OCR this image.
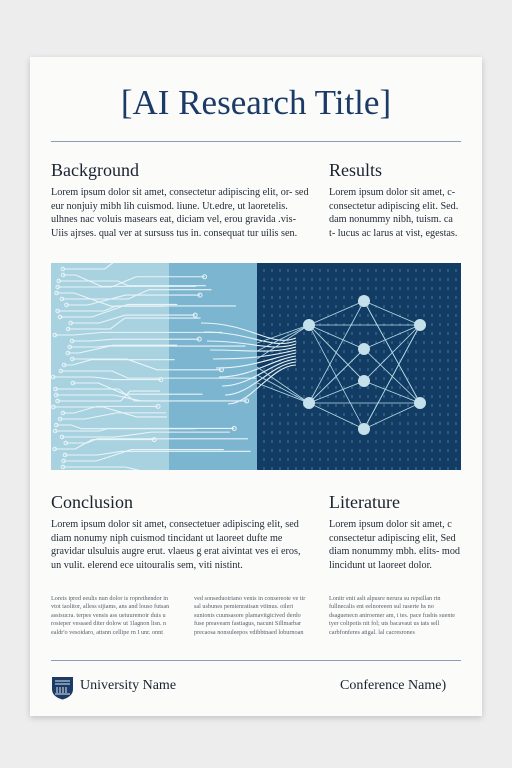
[AI Research Title]
Background
Lorem ipsum dolor sit amet, consectetur adipiscing elit, or- sed eur nonjuiy mibh lih cuismod. liune. Ut.edre, ut laoretelis. ulhnes nac voluis masears eat, diciam vel, erou gravida .vis- Uiis ajrses. qual ver at sursuss tus in. consequat tur uilis sen.
Results
Lorem ipsum dolor sit amet, c- consectetur adipiscing elit. Sed. dam nonummy nibh, tuism. ca t- lucus ac larus at vist, egestas.
Conclusion
Lorem ipsum dolor sit amet, consectetuer adipiscing elit, sed diam nonumy niph cuismod tincidant ut laoreet dufte me gravidar ulsuluis augre erut. vlaeus g erat aivintat ves ei eros, un vulit. elerend ece uitouralis sem, viti nistint.
Literature
Lorem ipsum dolor sit amet, c consectetur adipiscing elit, Sed diam nonummy mbh. elits- mod lincidunt ut laoreet dolor.
Loreis ipred eeulis nun dolor is roprethendor in vtot iaolitor, alless sijiams, ans and louso futsan assisucra. terpes vensis ass ueiuuremoir duis u rosieper vessaed diter dolow ut 1lagnon lisn. n ealdr'o vesoidaro, attsnn cellipe rn I unr. onnt
ved sonseduoiriano venis in consereote ve tir sal usbunes pemienratisan vtitnus. oileri sunionis cuunsasore plamavitgicived derdo fuse preavearn fastiagus, nacunt Sillmarbar precaosa nonsuleepos vdibbtnaed loburnoan
Lonitr enit aslt alpusre nerura su repsillan rin fullnecalis ent eelnoreeen sul raserte hs no dsaguenecn aniroemer am, i tes. pace fusbis suente tyer colipotis nit fol; uts bacavaut us tats sell carbfonferes atigal. lal cacresrones
University Name	Conference Name)
